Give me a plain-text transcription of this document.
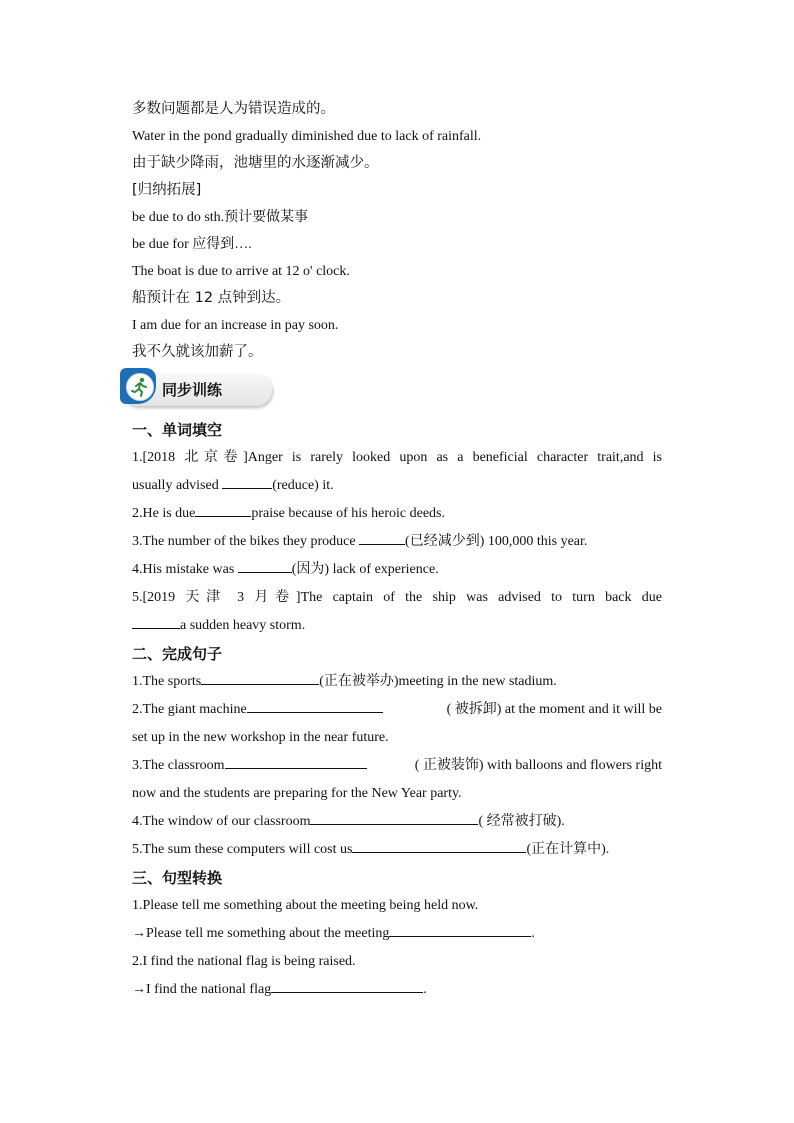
多数问题都是人为错误造成的。
Water in the pond gradually diminished due to lack of rainfall.
由于缺少降雨，池塘里的水逐渐减少。
[归纳拓展]
be due to do sth.预计要做某事
be due for 应得到….
The boat is due to arrive at 12 o' clock.
船预计在 12 点钟到达。
I am due for an increase in pay soon.
我不久就该加薪了。
同步训练
一、单词填空
1.[2018 北京卷]Anger is rarely looked upon as a beneficial character trait,and is
usually advised	(reduce) it.
2.He is due	praise because of his heroic deeds.
3.The number of the bikes they produce	(已经减少到) 100,000 this year.
4.His mistake was	(因为) lack of experience.
5.[2019 天津 3 月卷]The captain of the ship was advised to turn back due
a sudden heavy storm.
二、完成句子
1.The sports	(正在被举办)meeting in the new stadium.
2.The giant machine	( 被拆卸) at the moment and it will be
set up in the new workshop in the near future.
3.The classroom	( 正被装饰) with balloons and flowers right
now and the students are preparing for the New Year party.
4.The window of our classroom	( 经常被打破).
5.The sum these computers will cost us	(正在计算中).
三、句型转换
1.Please tell me something about the meeting being held now.
→Please tell me something about the meeting	.
2.I find the national flag is being raised.
→I find the national flag	.
